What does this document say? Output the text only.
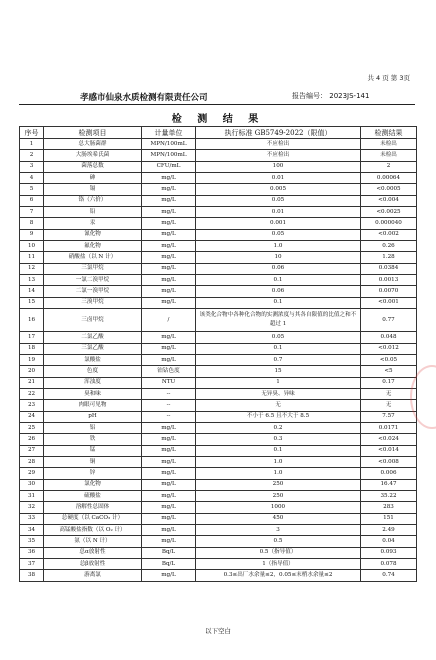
共 4 页 第 3页
孝感市仙泉水质检测有限责任公司	报告编号： 2023JS-141
检 测 结 果
序号	检测项目	计量单位	执行标准 GB5749-2022（限值）	检测结果
1	总大肠菌群	MPN/100mL	不应检出	未检出
2	大肠埃希氏菌	MPN/100mL	不应检出	未检出
3	菌落总数	CFU/mL	100	2
4	砷	mg/L	0.01	0.00064
5	镉	mg/L	0.005	<0.0005
6	铬（六价）	mg/L	0.05	<0.004
7	铅	mg/L	0.01	<0.0025
8	汞	mg/L	0.001	0.000040
9	氰化物	mg/L	0.05	<0.002
10	氟化物	mg/L	1.0	0.26
11	硝酸盐（以 N 计）	mg/L	10	1.28
12	三氯甲烷	mg/L	0.06	0.0384
13	一氯二溴甲烷	mg/L	0.1	0.0013
14	二氯一溴甲烷	mg/L	0.06	0.0070
15	三溴甲烷	mg/L	0.1	<0.001
16	三卤甲烷	/	该类化合物中各种化合物的实测浓度与其各自限值的比值之和不超过 1	0.77
17	二氯乙酸	mg/L	0.05	0.048
18	三氯乙酸	mg/L	0.1	<0.012
19	氯酸盐	mg/L	0.7	<0.05
20	色度	铂钴色度	15	<5
21	浑浊度	NTU	1	0.17
22	臭和味	--	无异臭、异味	无
23	肉眼可见物	--	无	无
24	pH	--	不小于 6.5 且不大于 8.5	7.57
25	铝	mg/L	0.2	0.0171
26	铁	mg/L	0.3	<0.024
27	锰	mg/L	0.1	<0.014
28	铜	mg/L	1.0	<0.008
29	锌	mg/L	1.0	0.006
30	氯化物	mg/L	250	16.47
31	硫酸盐	mg/L	250	35.22
32	溶解性总固体	mg/L	1000	283
33	总硬度（以 CaCO₃ 计）	mg/L	450	151
34	高锰酸盐指数（以 O₂ 计）	mg/L	3	2.49
35	氨（以 N 计）	mg/L	0.5	0.04
36	总α放射性	Bq/L	0.5（指导值）	0.093
37	总β放射性	Bq/L	1（指导值）	0.078
38	游离氯	mg/L	0.3≤出厂水余量≤2，0.05≤末梢水余量≤2	0.74
以下空白
